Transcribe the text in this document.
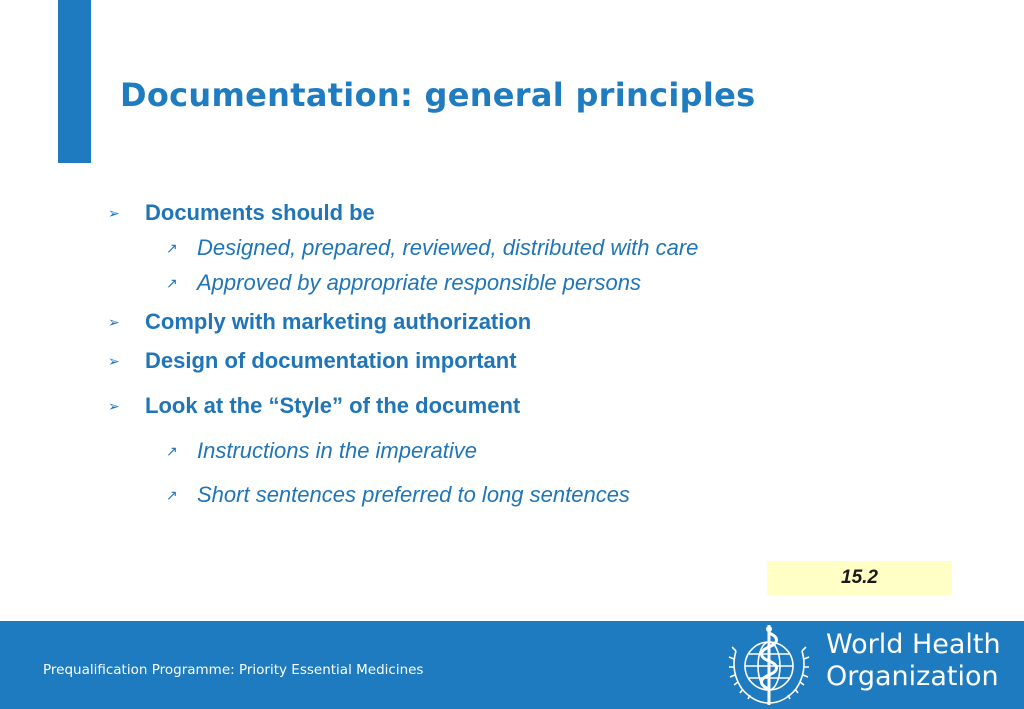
Documentation: general principles
➢ Documents should be
↗ Designed, prepared, reviewed, distributed with care
↗ Approved by appropriate responsible persons
➢ Comply with marketing authorization
➢ Design of documentation important
➢ Look at the “Style” of the document
↗ Instructions in the imperative
↗ Short sentences preferred to long sentences
15.2
Prequalification Programme: Priority Essential Medicines
World Health
Organization
